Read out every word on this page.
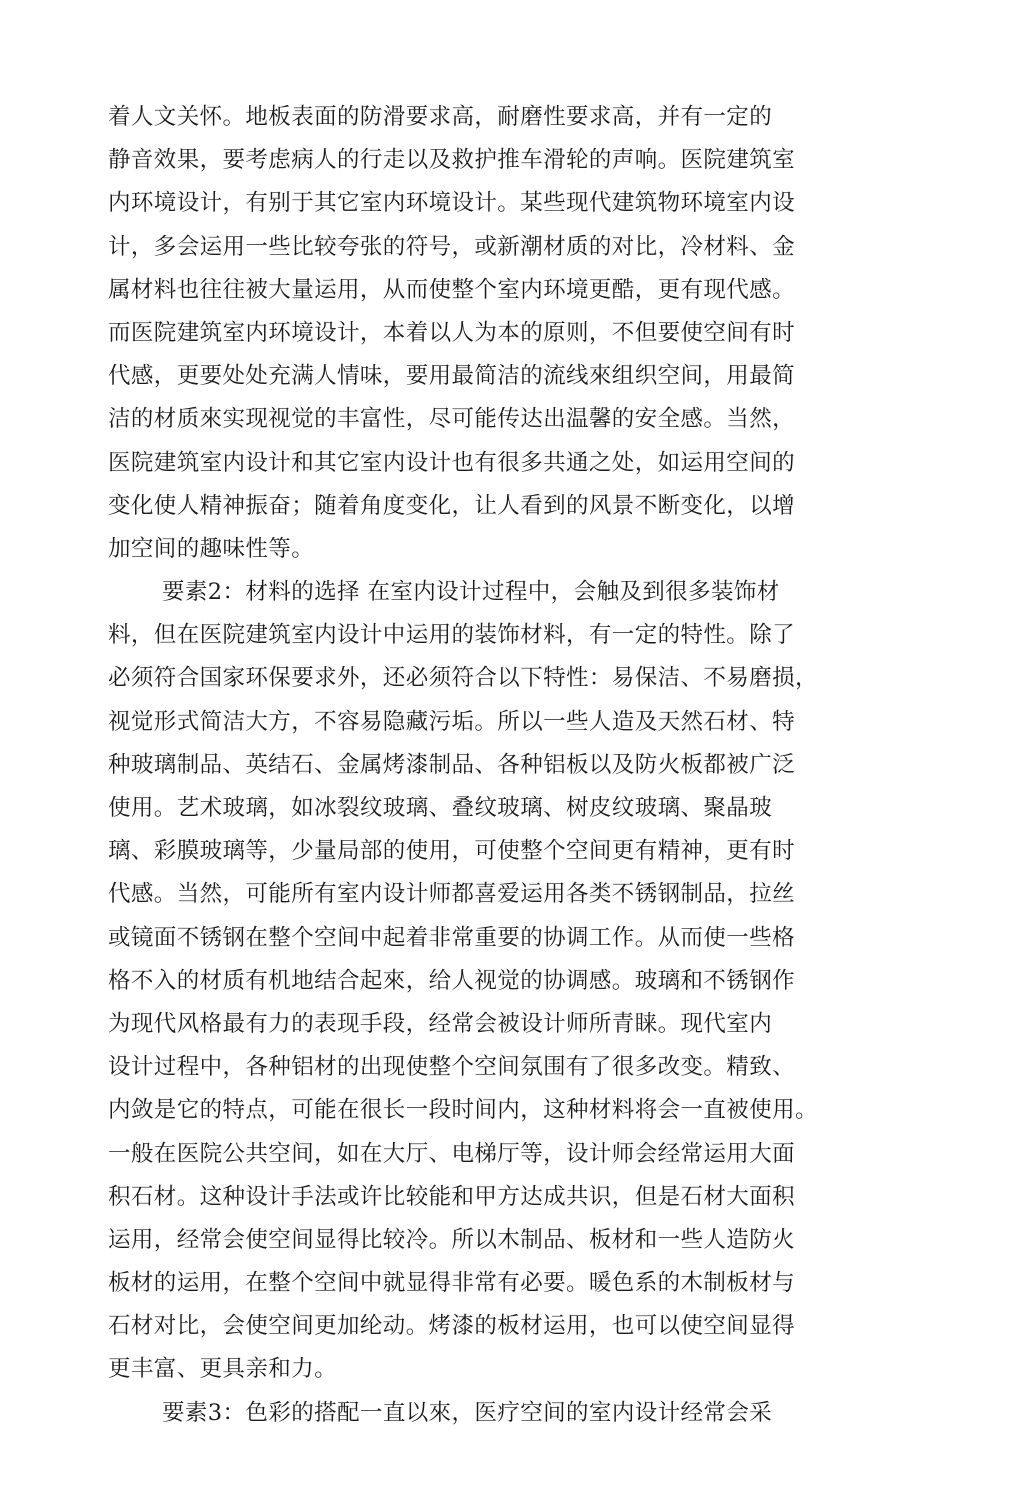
着人文关怀。地板表面的防滑要求高，耐磨性要求高，并有一定的
静音效果，要考虑病人的行走以及救护推车滑轮的声响。医院建筑室
内环境设计，有别于其它室内环境设计。某些现代建筑物环境室内设
计，多会运用一些比较夸张的符号，或新潮材质的对比，冷材料、金
属材料也往往被大量运用，从而使整个室内环境更酷，更有现代感。
而医院建筑室内环境设计，本着以人为本的原则，不但要使空间有时
代感，更要处处充满人情味，要用最简洁的流线來组织空间，用最简
洁的材质來实现视觉的丰富性，尽可能传达出温馨的安全感。当然，
医院建筑室内设计和其它室内设计也有很多共通之处，如运用空间的
变化使人精神振奋；随着角度变化，让人看到的风景不断变化，以增
加空间的趣味性等。
要素2：材料的选择 在室内设计过程中，会触及到很多装饰材
料，但在医院建筑室内设计中运用的装饰材料，有一定的特性。除了
必须符合国家环保要求外，还必须符合以下特性：易保洁、不易磨损，
视觉形式简洁大方，不容易隐藏污垢。所以一些人造及天然石材、特
种玻璃制品、英结石、金属烤漆制品、各种铝板以及防火板都被广泛
使用。艺术玻璃，如冰裂纹玻璃、叠纹玻璃、树皮纹玻璃、聚晶玻
璃、彩膜玻璃等，少量局部的使用，可使整个空间更有精神，更有时
代感。当然，可能所有室内设计师都喜爱运用各类不锈钢制品，拉丝
或镜面不锈钢在整个空间中起着非常重要的协调工作。从而使一些格
格不入的材质有机地结合起來，给人视觉的协调感。玻璃和不锈钢作
为现代风格最有力的表现手段，经常会被设计师所青睐。现代室内
设计过程中，各种铝材的出现使整个空间氛围有了很多改变。精致、
内敛是它的特点，可能在很长一段时间内，这种材料将会一直被使用。
一般在医院公共空间，如在大厅、电梯厅等，设计师会经常运用大面
积石材。这种设计手法或许比较能和甲方达成共识，但是石材大面积
运用，经常会使空间显得比较冷。所以木制品、板材和一些人造防火
板材的运用，在整个空间中就显得非常有必要。暖色系的木制板材与
石材对比，会使空间更加纶动。烤漆的板材运用，也可以使空间显得
更丰富、更具亲和力。
要素3：色彩的搭配一直以來，医疗空间的室内设计经常会采
